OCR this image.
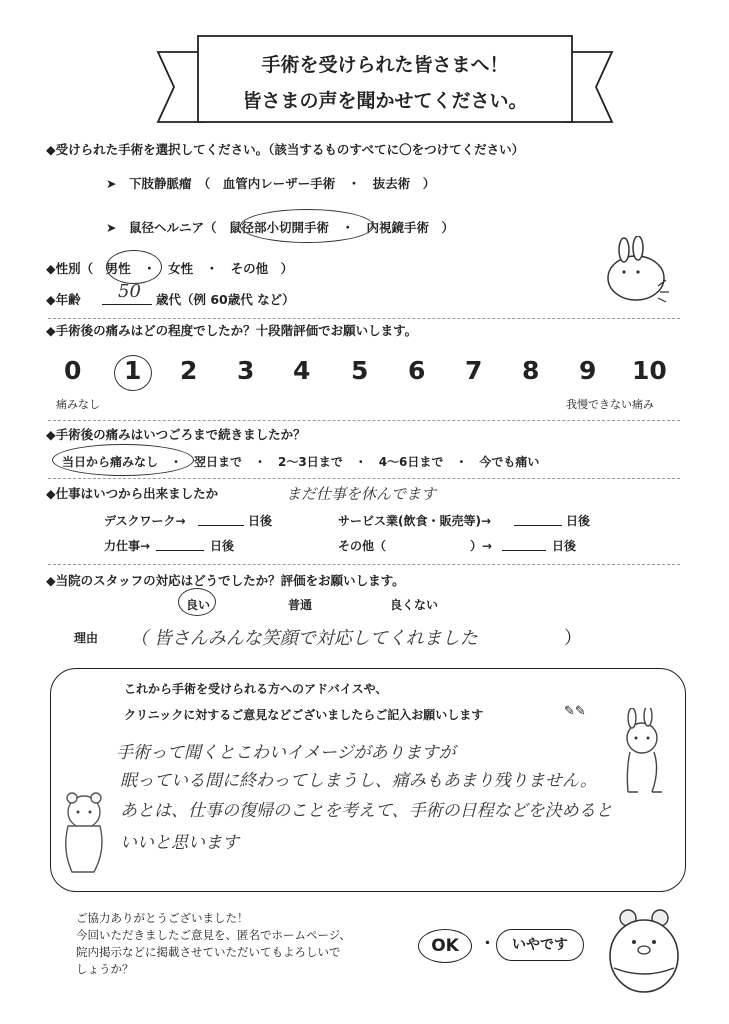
手術を受けられた皆さまへ！
皆さまの声を聞かせてください。
◆受けられた手術を選択してください。（該当するものすべてに〇をつけてください）
➤　下肢静脈瘤　（　血管内レーザー手術　・　抜去術　）
➤　鼠径ヘルニア（　鼠径部小切開手術　・　内視鏡手術　）
◆性別（　男性　・　女性　・　その他　）
◆年齢 50 歳代（例 60歳代 など）
◆手術後の痛みはどの程度でしたか？十段階評価でお願いします。
0 1 2 3 4 5 6 7 8 9 10
痛みなし	我慢できない痛み
◆手術後の痛みはいつごろまで続きましたか？
当日から痛みなし　・　翌日まで　・　2〜3日まで　・　4〜6日まで　・　今でも痛い
◆仕事はいつから出来ましたか	まだ仕事を休んでます
デスクワーク→	日後	サービス業(飲食・販売等)→	日後
力仕事→	日後	その他（　　　　　　　）→	日後
◆当院のスタッフの対応はどうでしたか？評価をお願いします。
良い	普通	良くない
理由 （ 皆さんみんな笑顔で対応してくれました	）
これから手術を受けられる方へのアドバイスや、
クリニックに対するご意見などございましたらご記入お願いします	✎✎
手術って聞くとこわいイメージがありますが
眠っている間に終わってしまうし、痛みもあまり残りません。
あとは、仕事の復帰のことを考えて、手術の日程などを決めると
いいと思います
ご協力ありがとうございました！
今回いただきましたご意見を、匿名でホームページ、
院内掲示などに掲載させていただいてもよろしいで
しょうか？
OK	・	いやです
